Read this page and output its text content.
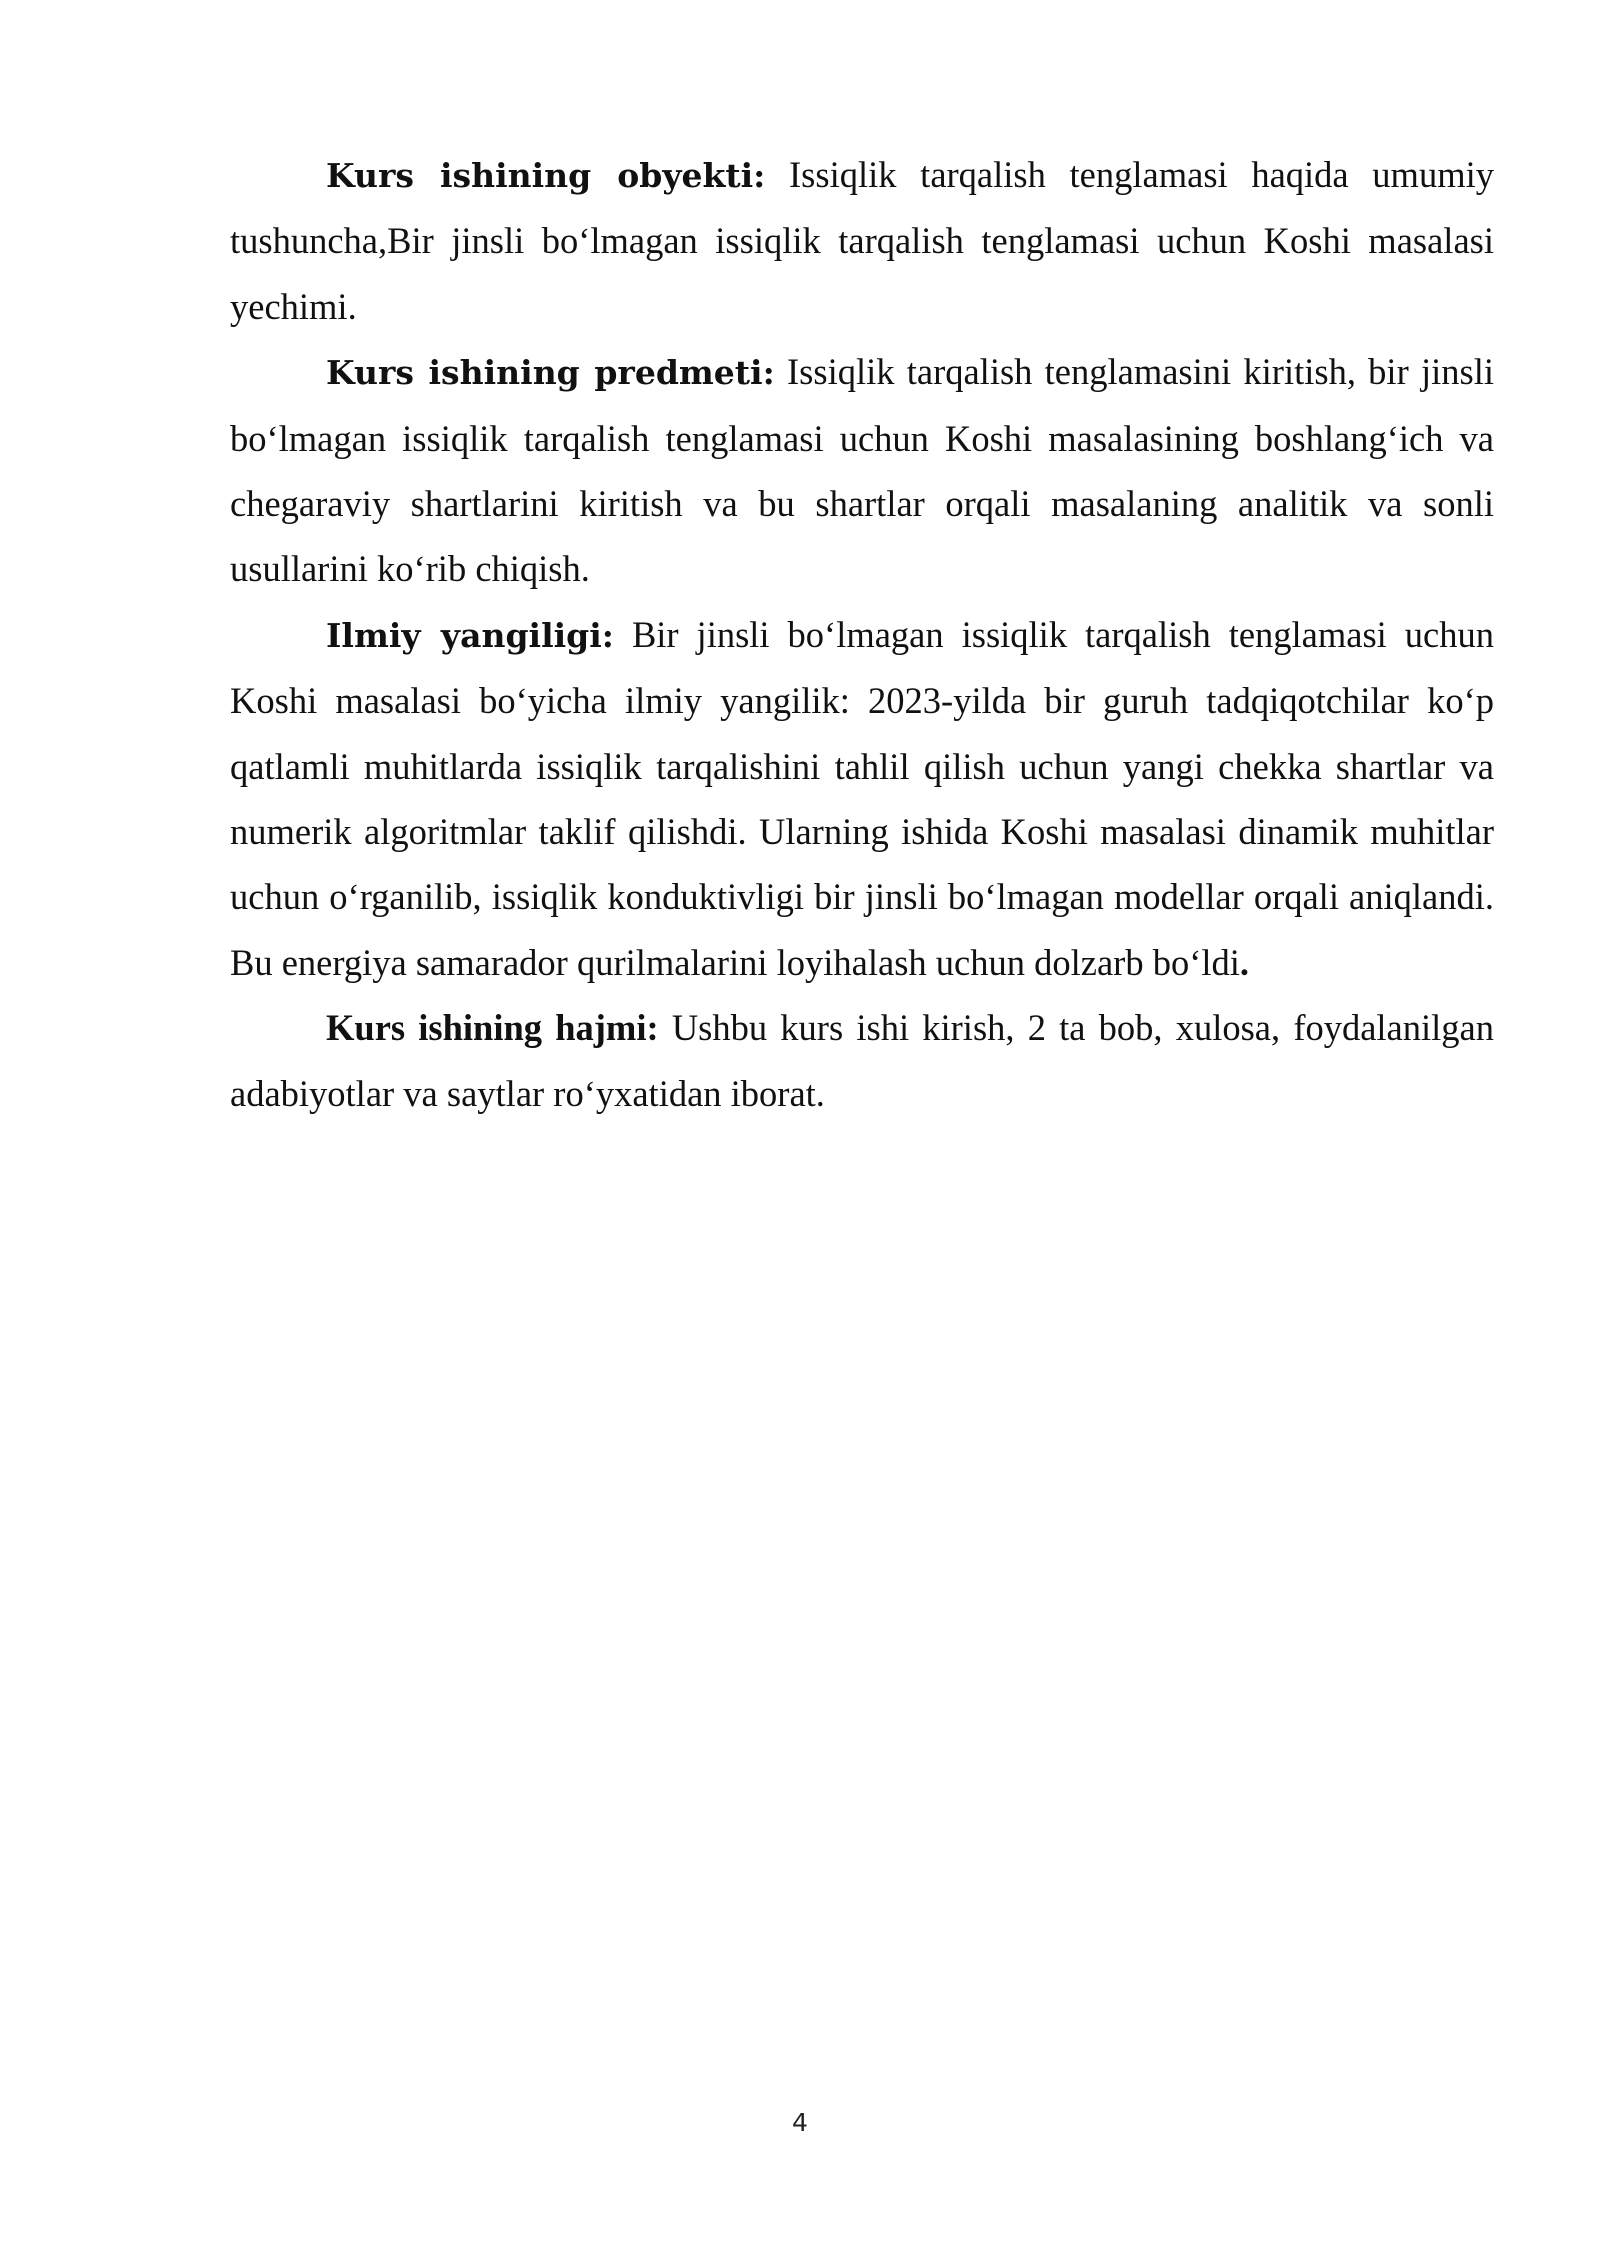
Kurs ishining obyekti: Issiqlik tarqalish tenglamasi haqida umumiy tushuncha,Bir jinsli boʻlmagan issiqlik tarqalish tenglamasi uchun Koshi masalasi yechimi.

Kurs ishining predmeti: Issiqlik tarqalish tenglamasini kiritish, bir jinsli boʻlmagan issiqlik tarqalish tenglamasi uchun Koshi masalasining boshlangʻich va chegaraviy shartlarini kiritish va bu shartlar orqali masalaning analitik va sonli usullarini koʻrib chiqish.

Ilmiy yangiligi: Bir jinsli boʻlmagan issiqlik tarqalish tenglamasi uchun Koshi masalasi boʻyicha ilmiy yangilik: 2023-yilda bir guruh tadqiqotchilar koʻp qatlamli muhitlarda issiqlik tarqalishini tahlil qilish uchun yangi chekka shartlar va numerik algoritmlar taklif qilishdi. Ularning ishida Koshi masalasi dinamik muhitlar uchun oʻrganilib, issiqlik konduktivligi bir jinsli boʻlmagan modellar orqali aniqlandi. Bu energiya samarador qurilmalarini loyihalash uchun dolzarb boʻldi.

Kurs ishining hajmi: Ushbu kurs ishi kirish, 2 ta bob, xulosa, foydalanilgan adabiyotlar va saytlar roʻyxatidan iborat.

4
